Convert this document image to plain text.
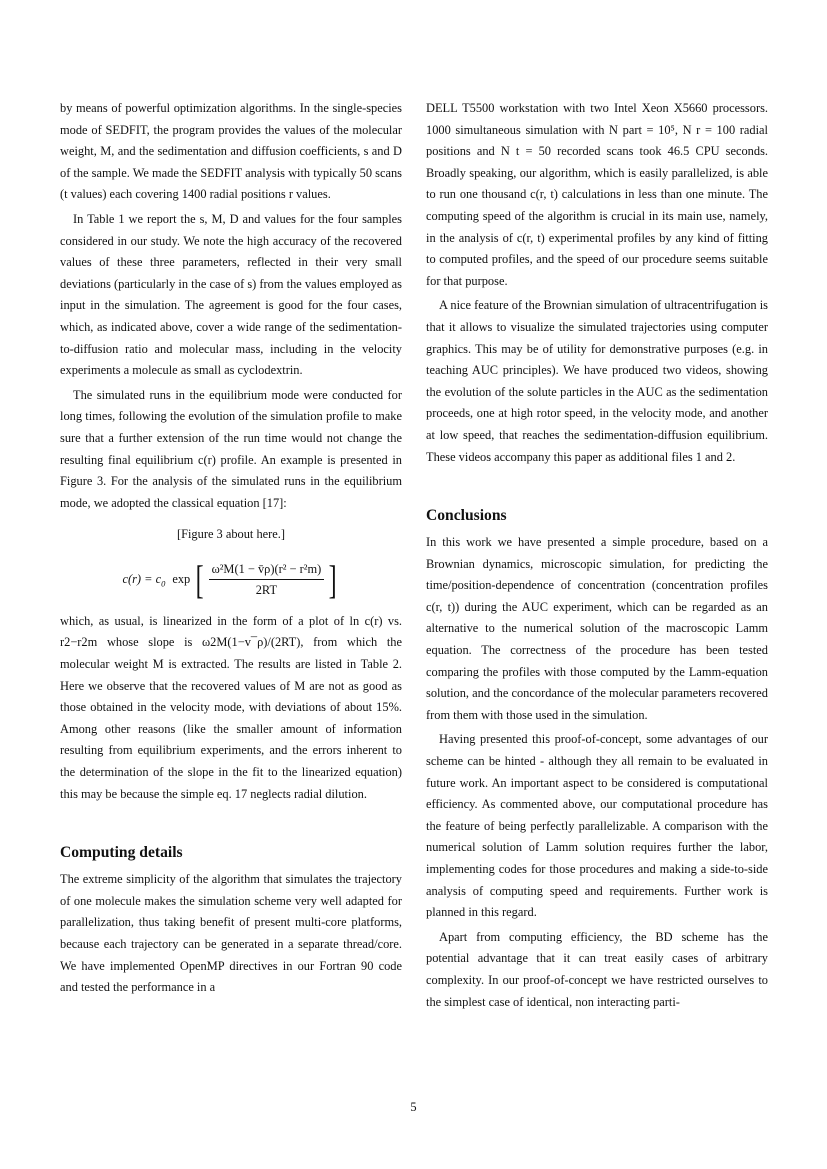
by means of powerful optimization algorithms. In the single-species mode of SEDFIT, the program provides the values of the molecular weight, M, and the sedimentation and diffusion coefficients, s and D of the sample. We made the SEDFIT analysis with typically 50 scans (t values) each covering 1400 radial positions r values.

In Table 1 we report the s, M, D and values for the four samples considered in our study. We note the high accuracy of the recovered values of these three parameters, reflected in their very small deviations (particularly in the case of s) from the values employed as input in the simulation. The agreement is good for the four cases, which, as indicated above, cover a wide range of the sedimentation-to-diffusion ratio and molecular mass, including in the velocity experiments a molecule as small as cyclodextrin.

The simulated runs in the equilibrium mode were conducted for long times, following the evolution of the simulation profile to make sure that a further extension of the run time would not change the resulting final equilibrium c(r) profile. An example is presented in Figure 3. For the analysis of the simulated runs in the equilibrium mode, we adopted the classical equation [17]:

[Figure 3 about here.]
$c(r) = c_0$ exp [ $\frac{\text{ω²M(1 − v̄ρ)(r² − r²m)}}{2RT}$ ]

which, as usual, is linearized in the form of a plot of ln c(r) vs. r2−r2m whose slope is ω2M(1−v¯ρ)/(2RT), from which the molecular weight M is extracted. The results are listed in Table 2. Here we observe that the recovered values of M are not as good as those obtained in the velocity mode, with deviations of about 15%. Among other reasons (like the smaller amount of information resulting from equilibrium experiments, and the errors inherent to the determination of the slope in the fit to the linearized equation) this may be because the simple eq. 17 neglects radial dilution.

Computing details

The extreme simplicity of the algorithm that simulates the trajectory of one molecule makes the simulation scheme very well adapted for parallelization, thus taking benefit of present multi-core platforms, because each trajectory can be generated in a separate thread/core. We have implemented OpenMP directives in our Fortran 90 code and tested the performance in a

DELL T5500 workstation with two Intel Xeon X5660 processors. 1000 simultaneous simulation with N part = 10⁵, N r = 100 radial positions and N t = 50 recorded scans took 46.5 CPU seconds. Broadly speaking, our algorithm, which is easily parallelized, is able to run one thousand c(r, t) calculations in less than one minute. The computing speed of the algorithm is crucial in its main use, namely, in the analysis of c(r, t) experimental profiles by any kind of fitting to computed profiles, and the speed of our procedure seems suitable for that purpose.

A nice feature of the Brownian simulation of ultracentrifugation is that it allows to visualize the simulated trajectories using computer graphics. This may be of utility for demonstrative purposes (e.g. in teaching AUC principles). We have produced two videos, showing the evolution of the solute particles in the AUC as the sedimentation proceeds, one at high rotor speed, in the velocity mode, and another at low speed, that reaches the sedimentation-diffusion equilibrium. These videos accompany this paper as additional files 1 and 2.

Conclusions

In this work we have presented a simple procedure, based on a Brownian dynamics, microscopic simulation, for predicting the time/position-dependence of concentration (concentration profiles c(r, t)) during the AUC experiment, which can be regarded as an alternative to the numerical solution of the macroscopic Lamm equation. The correctness of the procedure has been tested comparing the profiles with those computed by the Lamm-equation solution, and the concordance of the molecular parameters recovered from them with those used in the simulation.

Having presented this proof-of-concept, some advantages of our scheme can be hinted - although they all remain to be evaluated in future work. An important aspect to be considered is computational efficiency. As commented above, our computational procedure has the feature of being perfectly parallelizable. A comparison with the numerical solution of Lamm solution requires further the labor, implementing codes for those procedures and making a side-to-side analysis of computing speed and requirements. Further work is planned in this regard.

Apart from computing efficiency, the BD scheme has the potential advantage that it can treat easily cases of arbitrary complexity. In our proof-of-concept we have restricted ourselves to the simplest case of identical, non interacting parti-

5
